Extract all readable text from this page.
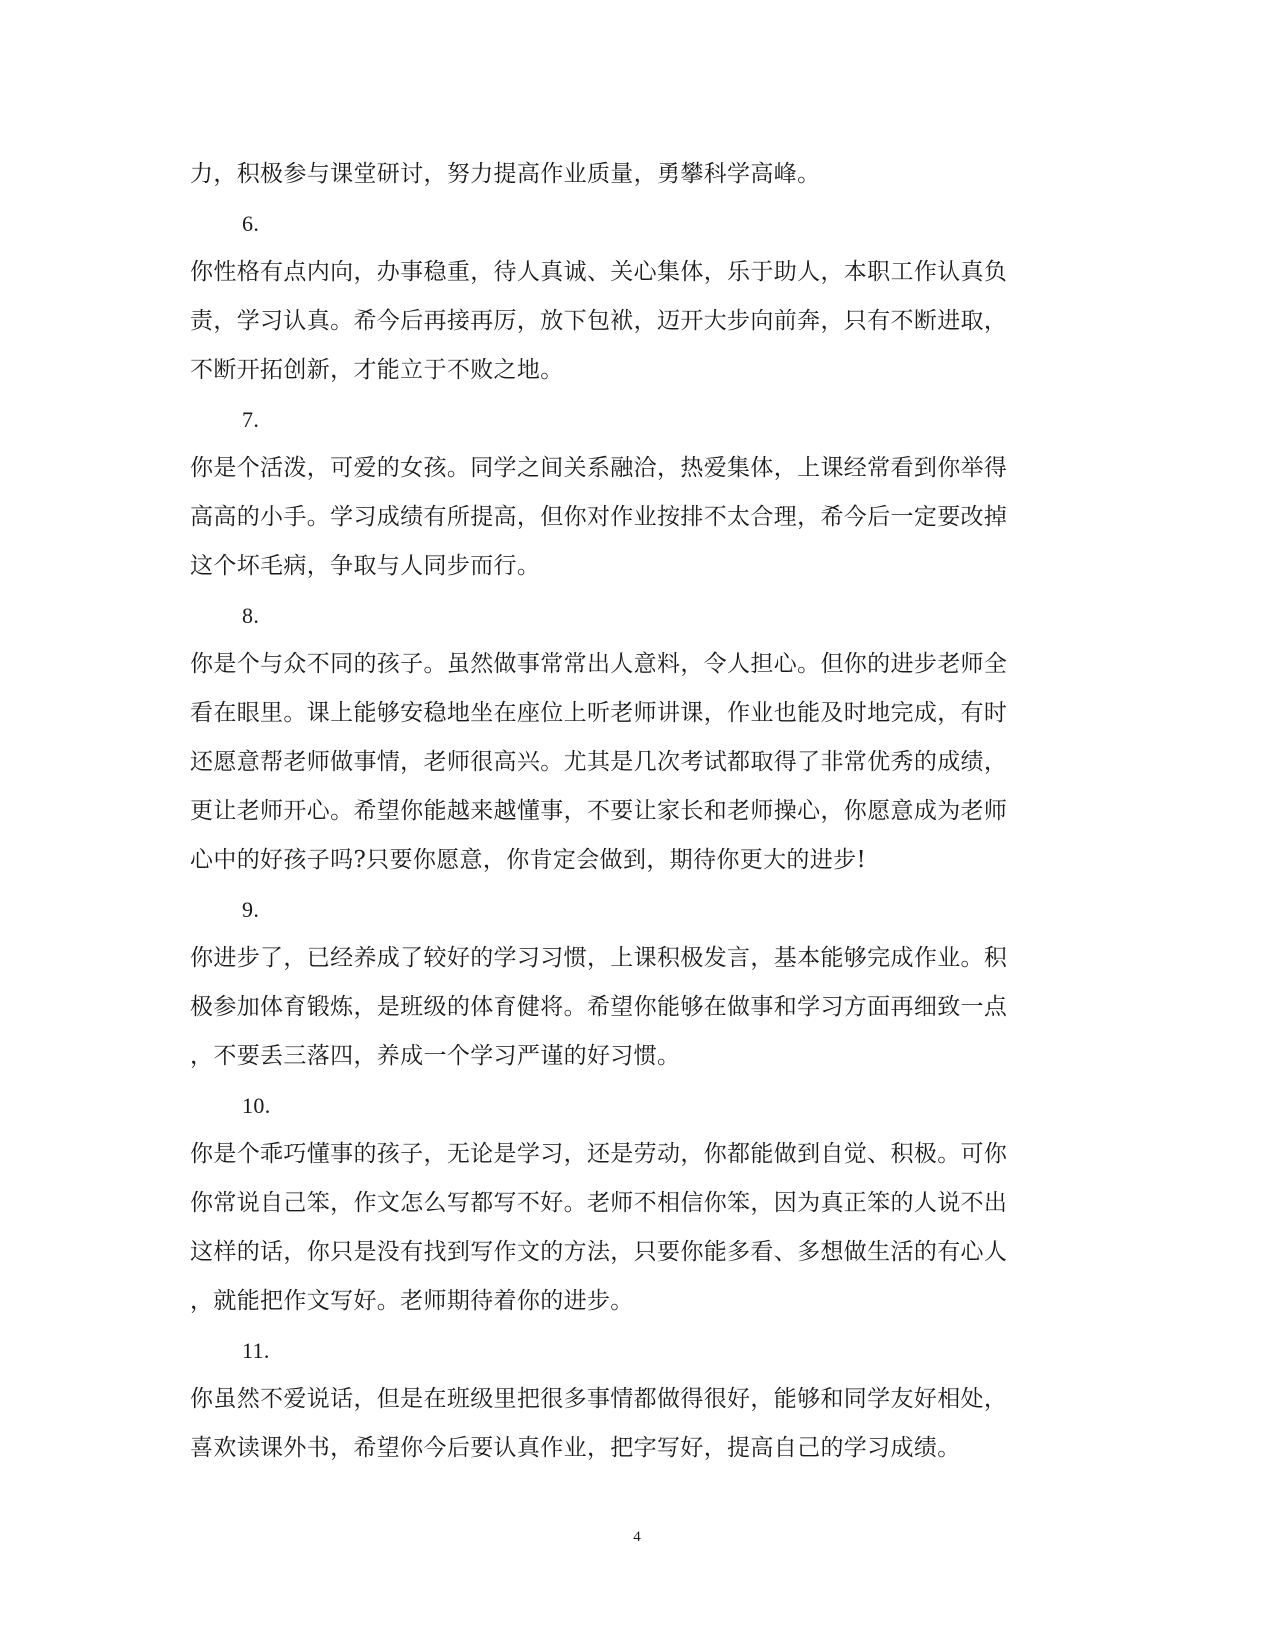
力，积极参与课堂研讨，努力提高作业质量，勇攀科学高峰。
6.
你性格有点内向，办事稳重，待人真诚、关心集体，乐于助人，本职工作认真负
责，学习认真。希今后再接再厉，放下包袱，迈开大步向前奔，只有不断进取，
不断开拓创新，才能立于不败之地。
7.
你是个活泼，可爱的女孩。同学之间关系融洽，热爱集体，上课经常看到你举得
高高的小手。学习成绩有所提高，但你对作业按排不太合理，希今后一定要改掉
这个坏毛病，争取与人同步而行。
8.
你是个与众不同的孩子。虽然做事常常出人意料，令人担心。但你的进步老师全
看在眼里。课上能够安稳地坐在座位上听老师讲课，作业也能及时地完成，有时
还愿意帮老师做事情，老师很高兴。尤其是几次考试都取得了非常优秀的成绩，
更让老师开心。希望你能越来越懂事，不要让家长和老师操心，你愿意成为老师
心中的好孩子吗?只要你愿意，你肯定会做到，期待你更大的进步!
9.
你进步了，已经养成了较好的学习习惯，上课积极发言，基本能够完成作业。积
极参加体育锻炼，是班级的体育健将。希望你能够在做事和学习方面再细致一点
，不要丢三落四，养成一个学习严谨的好习惯。
10.
你是个乖巧懂事的孩子，无论是学习，还是劳动，你都能做到自觉、积极。可你
你常说自己笨，作文怎么写都写不好。老师不相信你笨，因为真正笨的人说不出
这样的话，你只是没有找到写作文的方法，只要你能多看、多想做生活的有心人
，就能把作文写好。老师期待着你的进步。
11.
你虽然不爱说话，但是在班级里把很多事情都做得很好，能够和同学友好相处，
喜欢读课外书，希望你今后要认真作业，把字写好，提高自己的学习成绩。
4
